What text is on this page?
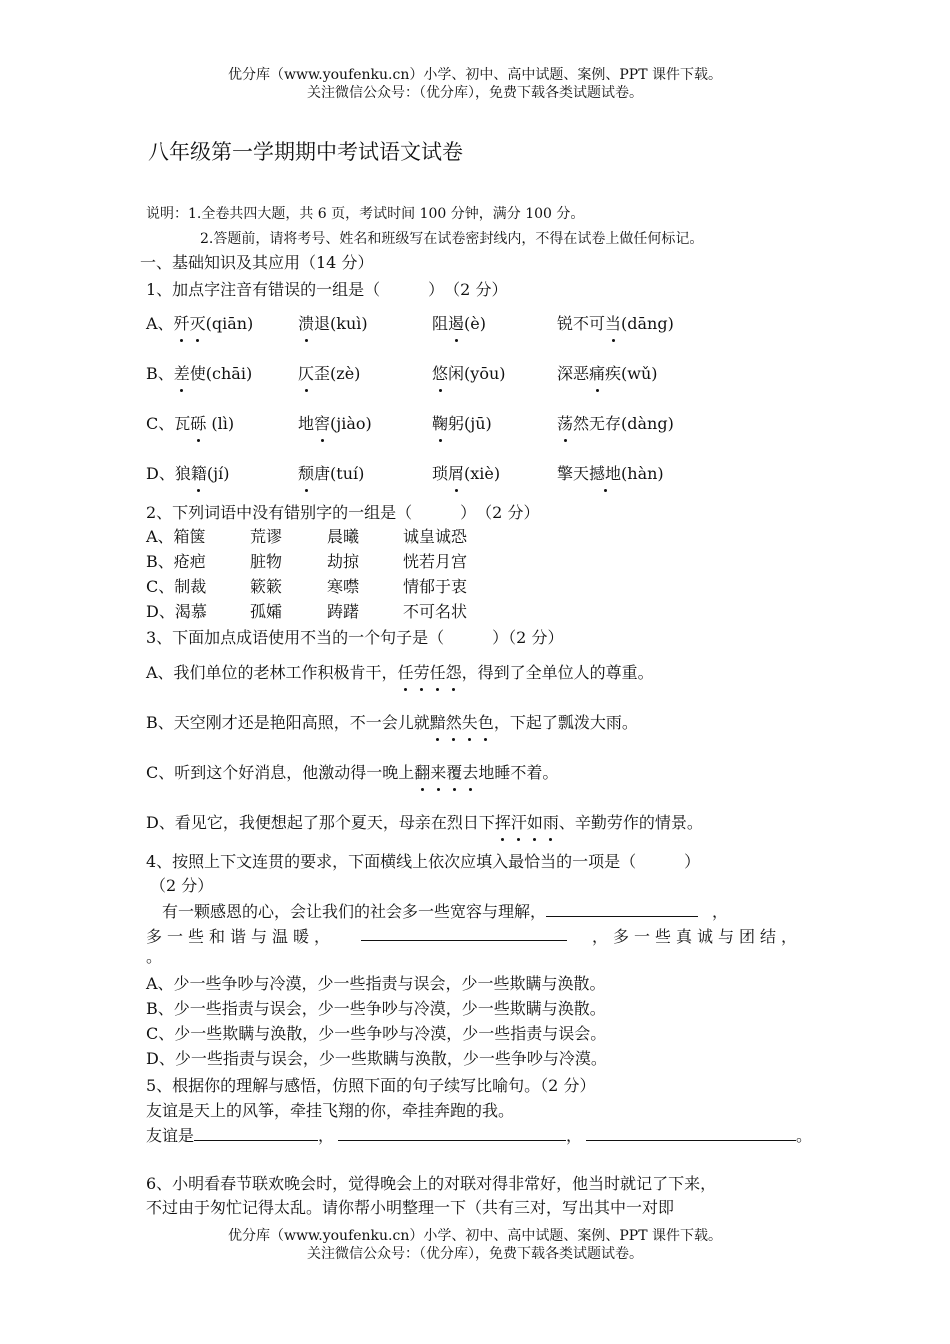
优分库（www.youfenku.cn）小学、初中、高中试题、案例、PPT 课件下载。
关注微信公众号：（优分库），免费下载各类试题试卷。
八年级第一学期期中考试语文试卷
说明：1.全卷共四大题，共 6 页，考试时间 100 分钟，满分 100 分。
2.答题前，请将考号、姓名和班级写在试卷密封线内，不得在试卷上做任何标记。
一、基础知识及其应用（14 分）
1、加点字注音有错误的一组是（　　　）　（2 分）
A、歼灭(qiān)	溃退(kuì)	阻遏(è)	锐不可当(dāng)
B、差使(chāi)	仄歪(zè)	悠闲(yōu)	深恶痛疾(wǔ)
C、瓦砾 (lì)	地窖(jiào)	鞠躬(jū)	荡然无存(dàng)
D、狼籍(jí)	颓唐(tuí)	琐屑(xiè)	擎天撼地(hàn)
2、下列词语中没有错别字的一组是（　　　）　（2 分）
A、箱箧	荒谬	晨曦	诚皇诚恐
B、疮疤	脏物	劫掠	恍若月宫
C、制裁	簌簌	寒噤	情郁于衷
D、渴慕	孤孀	踌躇	不可名状
3、下面加点成语使用不当的一个句子是（　　　）（2 分）
A、我们单位的老林工作积极肯干，任劳任怨，得到了全单位人的尊重。
B、天空刚才还是艳阳高照，不一会儿就黯然失色，下起了瓢泼大雨。
C、听到这个好消息，他激动得一晚上翻来覆去地睡不着。
D、看见它，我便想起了那个夏天，母亲在烈日下挥汗如雨、辛勤劳作的情景。
4、按照上下文连贯的要求，下面横线上依次应填入最恰当的一项是（　　　）
（2 分）
有一颗感恩的心，会让我们的社会多一些宽容与理解，	，
多一些和谐与温暖，	，多一些真诚与团结，
。
A、少一些争吵与冷漠，少一些指责与误会，少一些欺瞒与涣散。
B、少一些指责与误会，少一些争吵与冷漠，少一些欺瞒与涣散。
C、少一些欺瞒与涣散，少一些争吵与冷漠，少一些指责与误会。
D、少一些指责与误会，少一些欺瞒与涣散，少一些争吵与冷漠。
5、根据你的理解与感悟，仿照下面的句子续写比喻句。（2 分）
友谊是天上的风筝，牵挂飞翔的你，牵挂奔跑的我。
友谊是	，	，	。
6、小明看春节联欢晚会时，觉得晚会上的对联对得非常好，他当时就记了下来，
不过由于匆忙记得太乱。请你帮小明整理一下（共有三对，写出其中一对即
优分库（www.youfenku.cn）小学、初中、高中试题、案例、PPT 课件下载。
关注微信公众号：（优分库），免费下载各类试题试卷。
